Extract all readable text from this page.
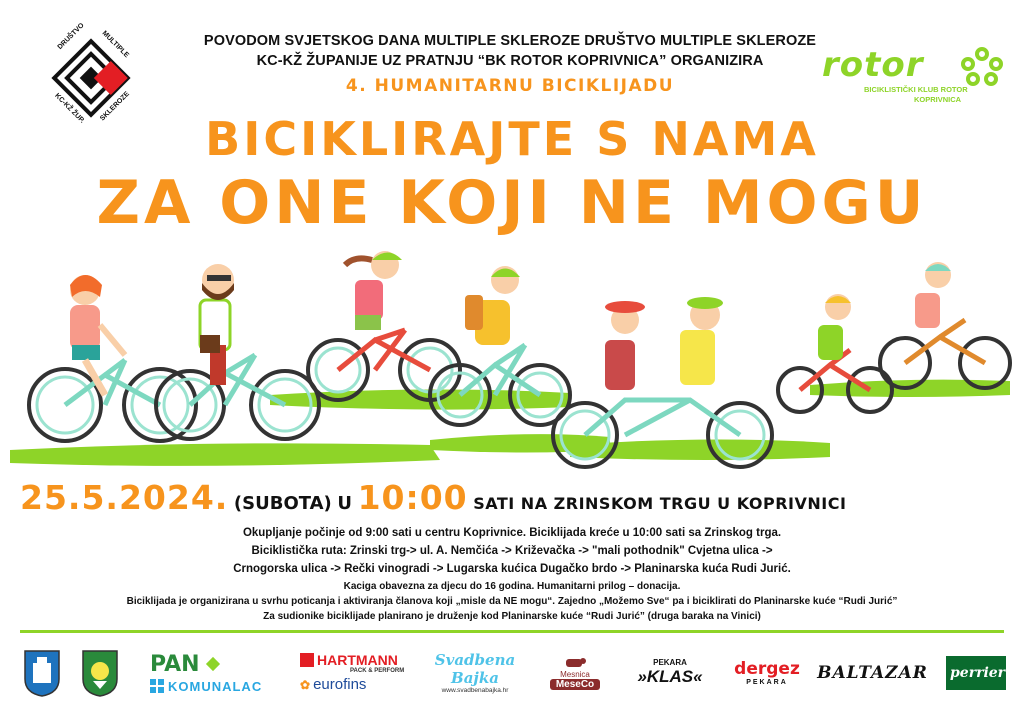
DRUŠTVO MULTIPLE
SKLEROZE
KC-KŽ ŽUP.
POVODOM SVJETSKOG DANA MULTIPLE SKLEROZE DRUŠTVO MULTIPLE SKLEROZE
KC-KŽ ŽUPANIJE UZ PRATNJU “BK ROTOR KOPRIVNICA” ORGANIZIRA
4. HUMANITARNU BICIKLIJADU
rotor
BICIKLISTIČKI KLUB ROTOR
KOPRIVNICA
BICIKLIRAJTE S NAMA
ZA ONE KOJI NE MOGU
25.5.2024. (SUBOTA) U 10:00 SATI NA ZRINSKOM TRGU U KOPRIVNICI
Okupljanje počinje od 9:00 sati u centru Koprivnice. Biciklijada kreće u 10:00 sati sa Zrinskog trga.
Biciklistička ruta: Zrinski trg-> ul. A. Nemčića -> Križevačka -> "mali pothodnik" Cvjetna ulica ->
Crnogorska ulica -> Rečki vinogradi -> Lugarska kućica Dugačko brdo -> Planinarska kuća Rudi Jurić.
Kaciga obavezna za djecu do 16 godina. Humanitarni prilog – donacija.
Biciklijada je organizirana u svrhu poticanja i aktiviranja članova koji „misle da NE mogu“. Zajedno „Možemo Sve“ pa i biciklirati do Planinarske kuće “Rudi Jurić”
Za sudionike biciklijade planirano je druženje kod Planinarske kuće “Rudi Jurić” (druga baraka na Vinici)
PAN
KOMUNALAC
HARTMANN
PACK & PERFORM
✿ eurofins
Svadbena
Bajka
www.svadbenabajka.hr
Mesnica
MeseCo
PEKARA
»KLAS« dergez
PEKARA BALTAZAR perrier
